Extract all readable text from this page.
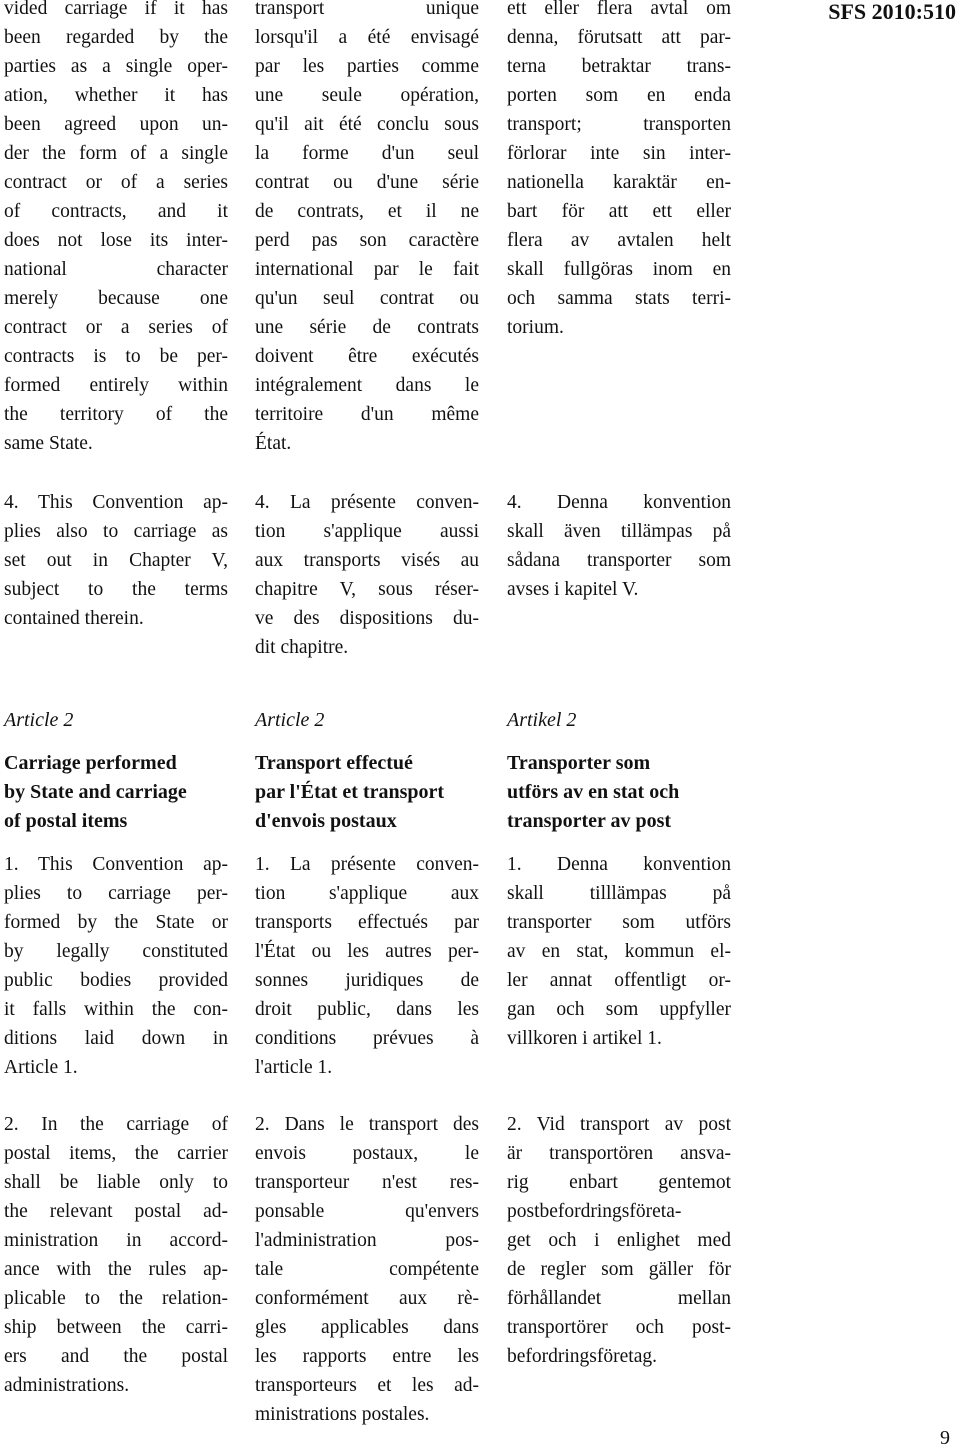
SFS 2010:510
vided carriage if it has
been regarded by the
parties as a single oper-
ation, whether it has
been agreed upon un-
der the form of a single
contract or of a series
of contracts, and it
does not lose its inter-
national character
merely because one
contract or a series of
contracts is to be per-
formed entirely within
the territory of the
same State.
transport unique
lorsqu'il a été envisagé
par les parties comme
une seule opération,
qu'il ait été conclu sous
la forme d'un seul
contrat ou d'une série
de contrats, et il ne
perd pas son caractère
international par le fait
qu'un seul contrat ou
une série de contrats
doivent être exécutés
intégralement dans le
territoire d'un même
État.
ett eller flera avtal om
denna, förutsatt att par-
terna betraktar trans-
porten som en enda
transport; transporten
förlorar inte sin inter-
nationella karaktär en-
bart för att ett eller
flera av avtalen helt
skall fullgöras inom en
och samma stats terri-
torium.
4. This Convention ap-
plies also to carriage as
set out in Chapter V,
subject to the terms
contained therein.
4. La présente conven-
tion s'applique aussi
aux transports visés au
chapitre V, sous réser-
ve des dispositions du-
dit chapitre.
4. Denna konvention
skall även tillämpas på
sådana transporter som
avses i kapitel V.
Article 2	Article 2	Artikel 2
Carriage performed
by State and carriage
of postal items
Transport effectué
par l'État et transport
d'envois postaux
Transporter som
utförs av en stat och
transporter av post
1. This Convention ap-
plies to carriage per-
formed by the State or
by legally constituted
public bodies provided
it falls within the con-
ditions laid down in
Article 1.
1. La présente conven-
tion s'applique aux
transports effectués par
l'État ou les autres per-
sonnes juridiques de
droit public, dans les
conditions prévues à
l'article 1.
1. Denna konvention
skall tilllämpas på
transporter som utförs
av en stat, kommun el-
ler annat offentligt or-
gan och som uppfyller
villkoren i artikel 1.
2. In the carriage of
postal items, the carrier
shall be liable only to
the relevant postal ad-
ministration in accord-
ance with the rules ap-
plicable to the relation-
ship between the carri-
ers and the postal
administrations.
2. Dans le transport des
envois postaux, le
transporteur n'est res-
ponsable qu'envers
l'administration pos-
tale compétente
conformément aux rè-
gles applicables dans
les rapports entre les
transporteurs et les ad-
ministrations postales.
2. Vid transport av post
är transportören ansva-
rig enbart gentemot
postbefordringsföreta-
get och i enlighet med
de regler som gäller för
förhållandet mellan
transportörer och post-
befordringsföretag.
9
